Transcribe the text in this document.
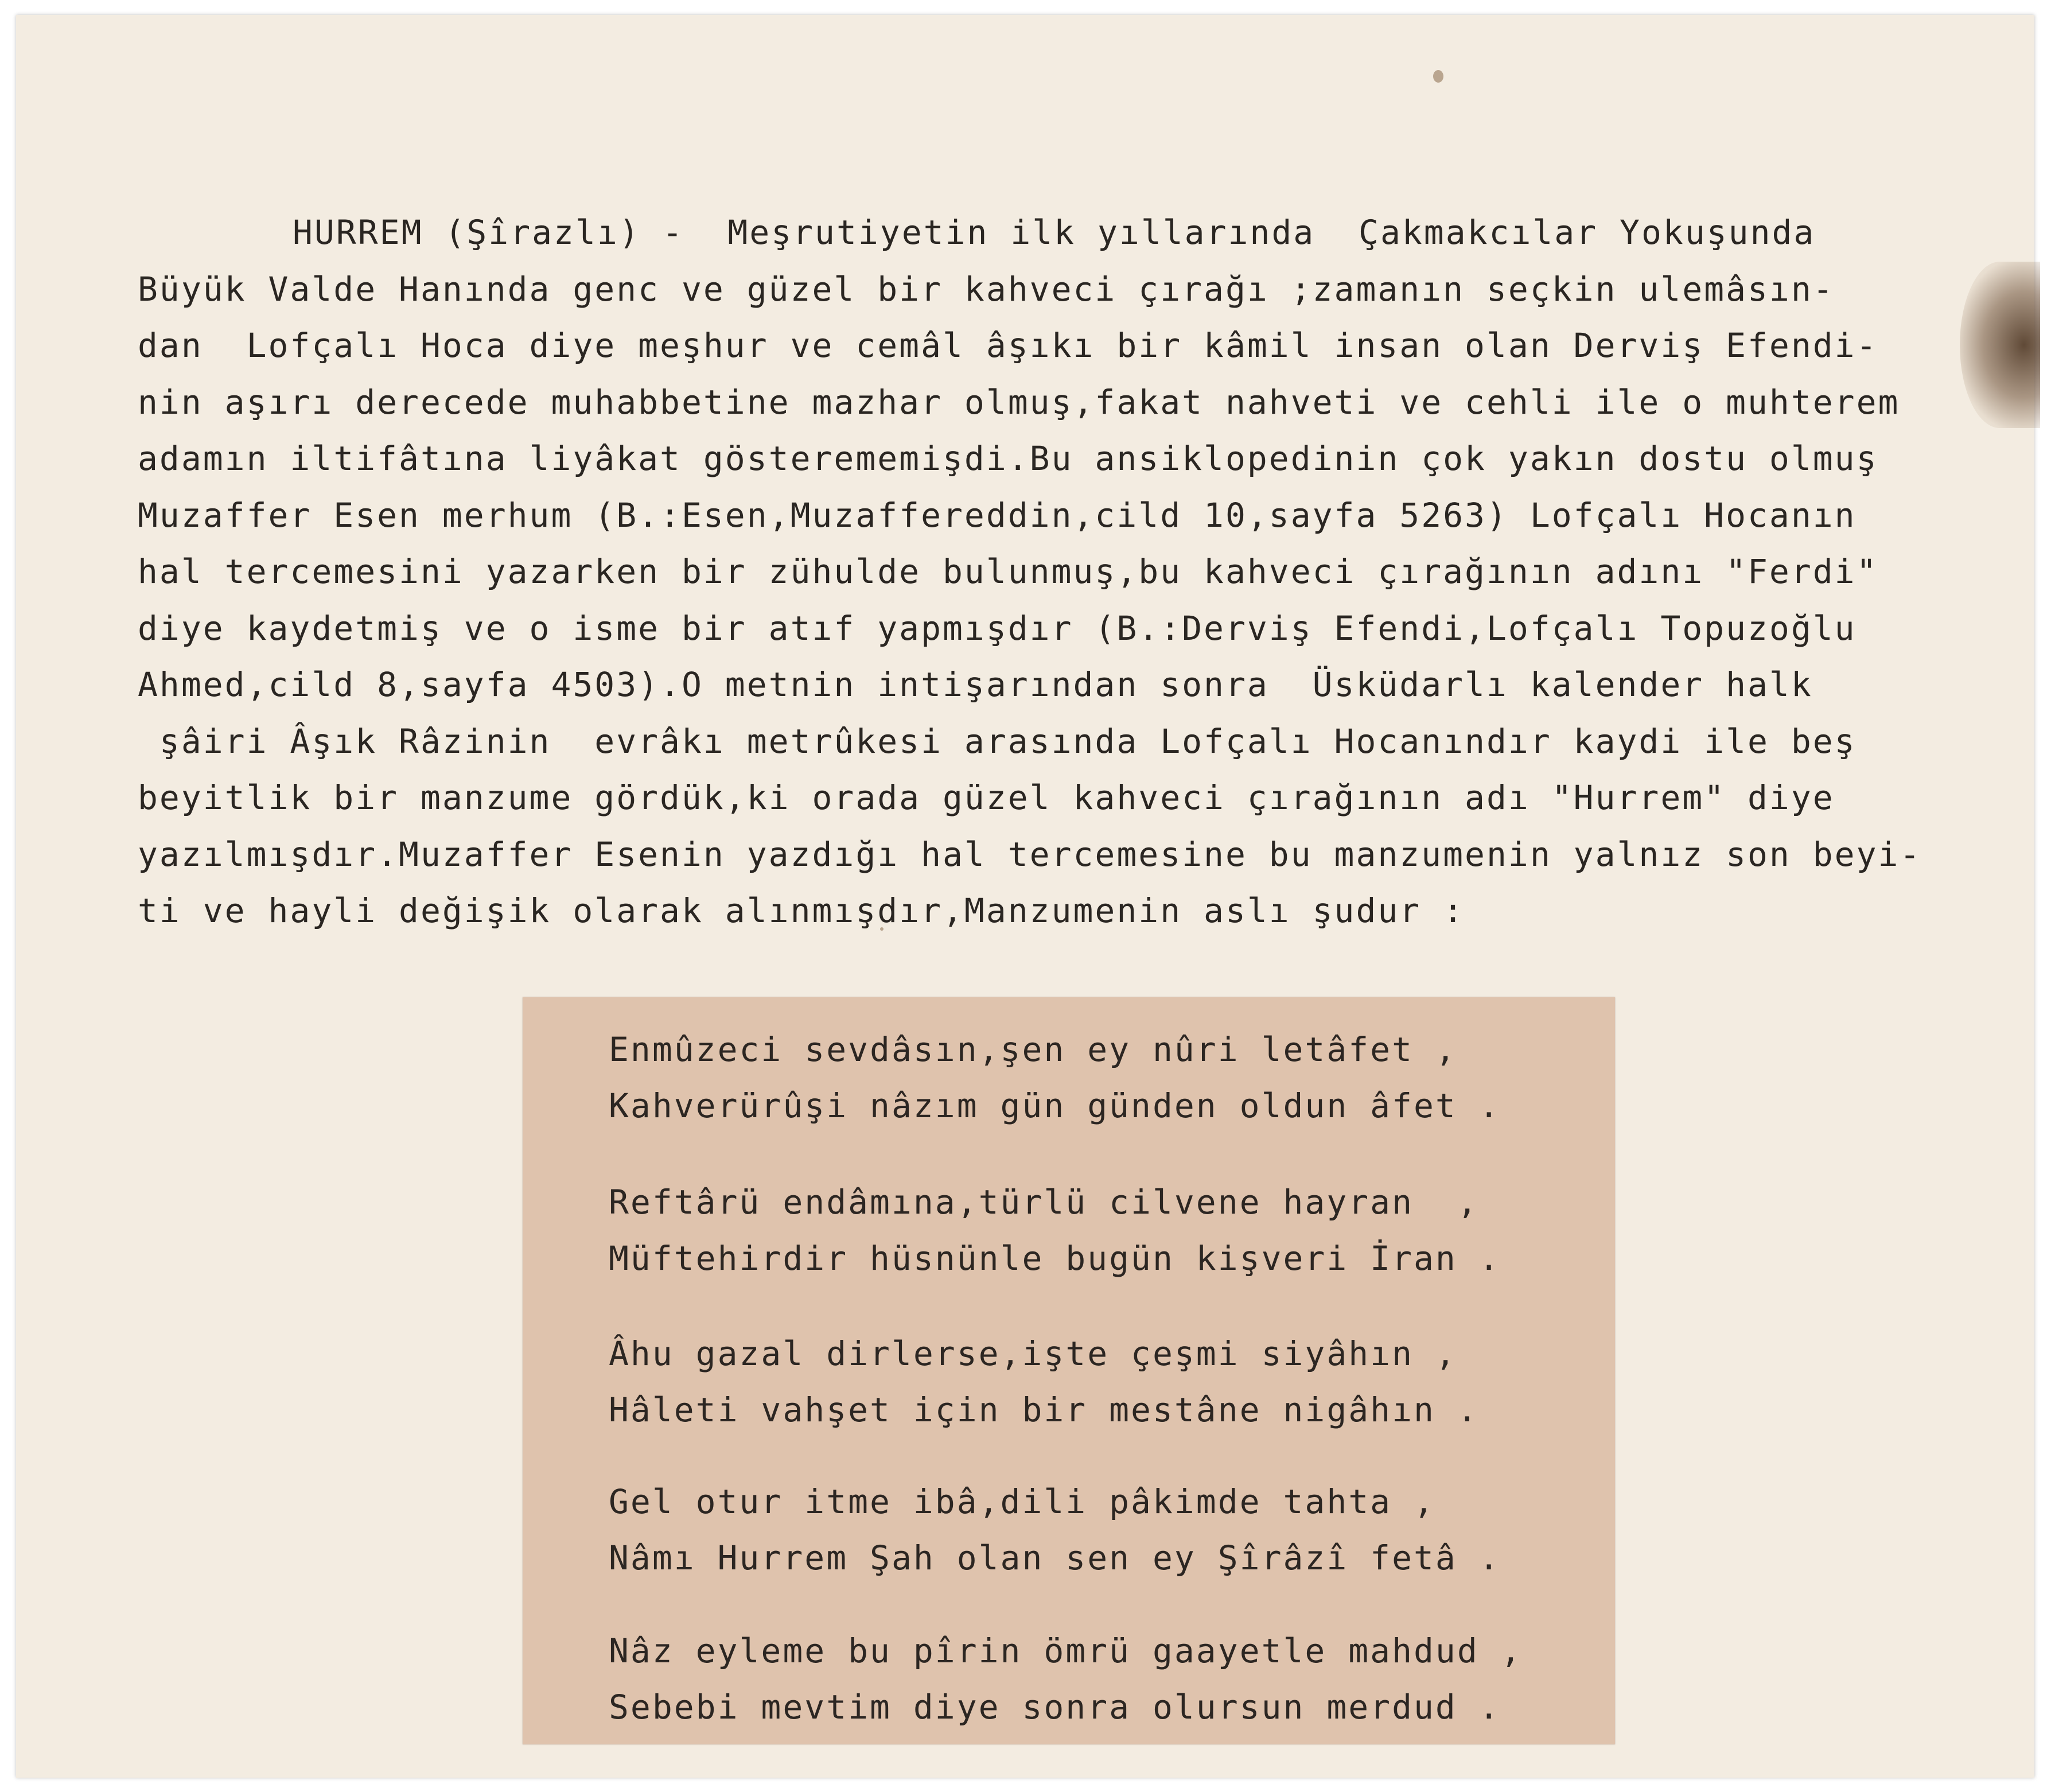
HURREM (Şîrazlı) -  Meşrutiyetin ilk yıllarında  Çakmakcılar Yokuşunda
Büyük Valde Hanında genc ve güzel bir kahveci çırağı ;zamanın seçkin ulemâsın-
dan  Lofçalı Hoca diye meşhur ve cemâl âşıkı bir kâmil insan olan Derviş Efendi-
nin aşırı derecede muhabbetine mazhar olmuş,fakat nahveti ve cehli ile o muhterem
adamın iltifâtına liyâkat gösterememişdi.Bu ansiklopedinin çok yakın dostu olmuş
Muzaffer Esen merhum (B.:Esen,Muzaffereddin,cild 10,sayfa 5263) Lofçalı Hocanın
hal tercemesini yazarken bir zühulde bulunmuş,bu kahveci çırağının adını "Ferdi"
diye kaydetmiş ve o isme bir atıf yapmışdır (B.:Derviş Efendi,Lofçalı Topuzoğlu
Ahmed,cild 8,sayfa 4503).O metnin intişarından sonra  Üsküdarlı kalender halk
şâiri Âşık Râzinin  evrâkı metrûkesi arasında Lofçalı Hocanındır kaydi ile beş
beyitlik bir manzume gördük,ki orada güzel kahveci çırağının adı "Hurrem" diye
yazılmışdır.Muzaffer Esenin yazdığı hal tercemesine bu manzumenin yalnız son beyi-
ti ve hayli değişik olarak alınmışdır,Manzumenin aslı şudur :
Enmûzeci sevdâsın,şen ey nûri letâfet ,
Kahverürûşi nâzım gün günden oldun âfet .
Reftârü endâmına,türlü cilvene hayran  ,
Müftehirdir hüsnünle bugün kişveri İran .
Âhu gazal dirlerse,işte çeşmi siyâhın ,
Hâleti vahşet için bir mestâne nigâhın .
Gel otur itme ibâ,dili pâkimde tahta ,
Nâmı Hurrem Şah olan sen ey Şîrâzî fetâ .
Nâz eyleme bu pîrin ömrü gaayetle mahdud ,
Sebebi mevtim diye sonra olursun merdud .
